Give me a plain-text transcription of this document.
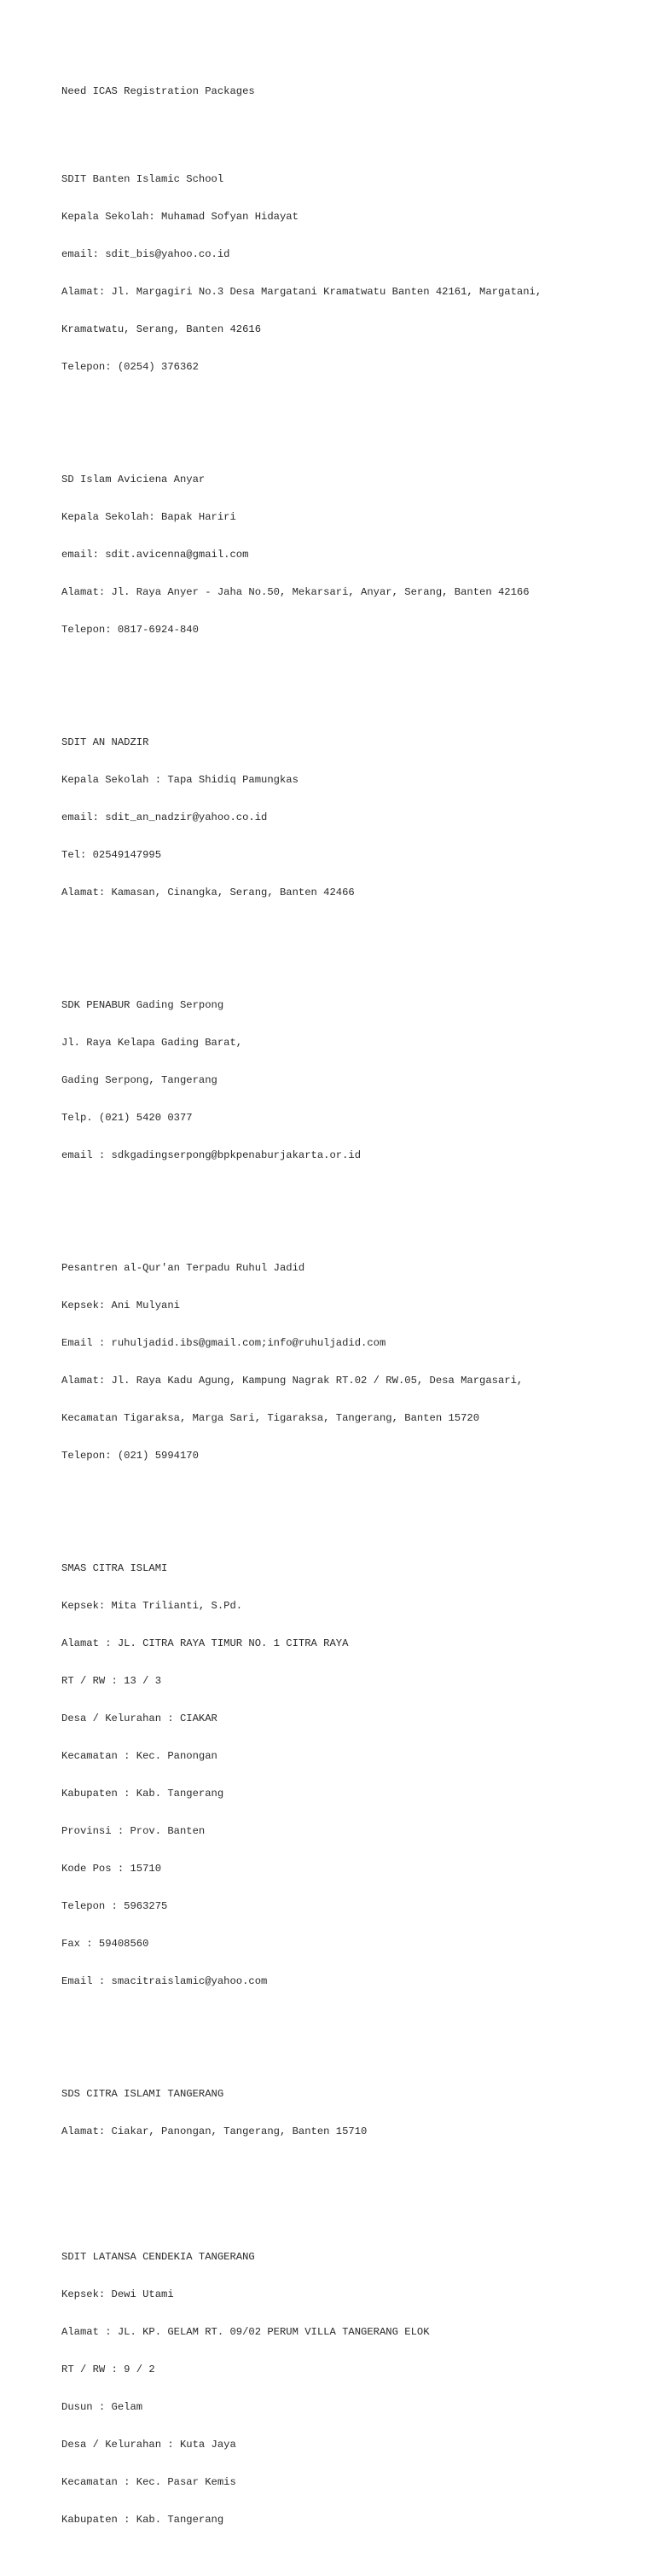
Need ICAS Registration Packages

SDIT Banten Islamic School

Kepala Sekolah: Muhamad Sofyan Hidayat

email: sdit_bis@yahoo.co.id

Alamat: Jl. Margagiri No.3 Desa Margatani Kramatwatu Banten 42161, Margatani,

Kramatwatu, Serang, Banten 42616

Telepon: (0254) 376362

SD Islam Aviciena Anyar

Kepala Sekolah: Bapak Hariri

email: sdit.avicenna@gmail.com

Alamat: Jl. Raya Anyer - Jaha No.50, Mekarsari, Anyar, Serang, Banten 42166

Telepon: 0817-6924-840

SDIT AN NADZIR

Kepala Sekolah : Tapa Shidiq Pamungkas

email: sdit_an_nadzir@yahoo.co.id

Tel: 02549147995

Alamat: Kamasan, Cinangka, Serang, Banten 42466

SDK PENABUR Gading Serpong

Jl. Raya Kelapa Gading Barat,

Gading Serpong, Tangerang

Telp. (021) 5420 0377

email : sdkgadingserpong@bpkpenaburjakarta.or.id

Pesantren al-Qur'an Terpadu Ruhul Jadid

Kepsek: Ani Mulyani

Email : ruhuljadid.ibs@gmail.com;info@ruhuljadid.com

Alamat: Jl. Raya Kadu Agung, Kampung Nagrak RT.02 / RW.05, Desa Margasari,

Kecamatan Tigaraksa, Marga Sari, Tigaraksa, Tangerang, Banten 15720

Telepon: (021) 5994170

SMAS CITRA ISLAMI

Kepsek: Mita Trilianti, S.Pd.

Alamat : JL. CITRA RAYA TIMUR NO. 1 CITRA RAYA

RT / RW : 13 / 3

Desa / Kelurahan : CIAKAR

Kecamatan : Kec. Panongan

Kabupaten : Kab. Tangerang

Provinsi : Prov. Banten

Kode Pos : 15710

Telepon : 5963275

Fax : 59408560

Email : smacitraislamic@yahoo.com

SDS CITRA ISLAMI TANGERANG

Alamat: Ciakar, Panongan, Tangerang, Banten 15710

SDIT LATANSA CENDEKIA TANGERANG

Kepsek: Dewi Utami

Alamat : JL. KP. GELAM RT. 09/02 PERUM VILLA TANGERANG ELOK

RT / RW : 9 / 2

Dusun : Gelam

Desa / Kelurahan : Kuta Jaya

Kecamatan : Kec. Pasar Kemis

Kabupaten : Kab. Tangerang
